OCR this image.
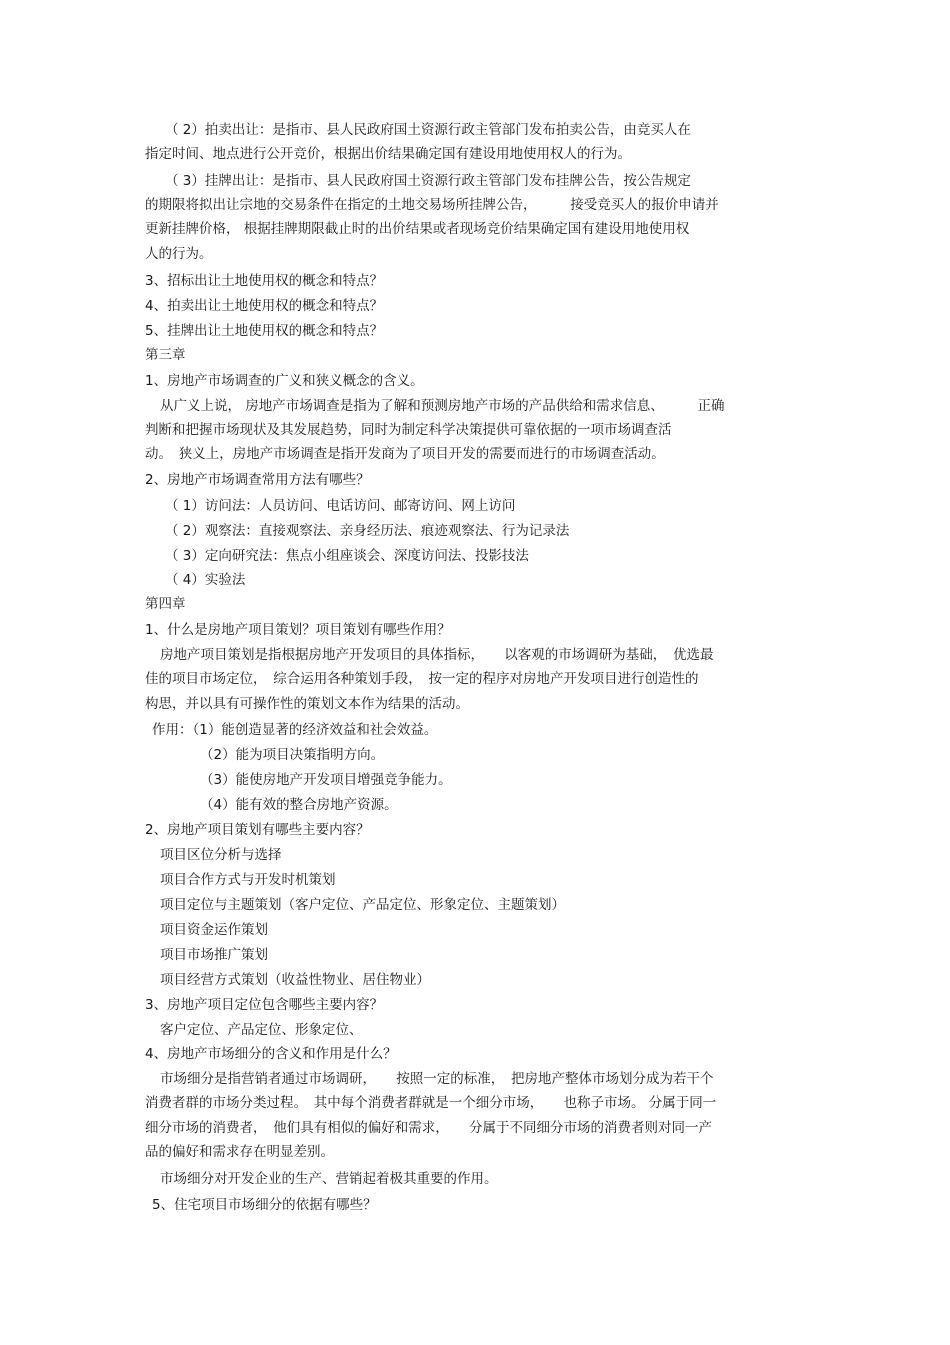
（ 2）拍卖出让：是指市、县人民政府国土资源行政主管部门发布拍卖公告，由竞买人在
指定时间、地点进行公开竞价，根据出价结果确定国有建设用地使用权人的行为。
（ 3）挂牌出让：是指市、县人民政府国土资源行政主管部门发布挂牌公告，按公告规定
的期限将拟出让宗地的交易条件在指定的土地交易场所挂牌公告，　　　接受竞买人的报价申请并
更新挂牌价格， 根据挂牌期限截止时的出价结果或者现场竞价结果确定国有建设用地使用权
人的行为。
3、招标出让土地使用权的概念和特点？
4、拍卖出让土地使用权的概念和特点？
5、挂牌出让土地使用权的概念和特点？
第三章
1、房地产市场调查的广义和狭义概念的含义。
从广义上说， 房地产市场调查是指为了解和预测房地产市场的产品供给和需求信息、　　　正确
判断和把握市场现状及其发展趋势，同时为制定科学决策提供可靠依据的一项市场调查活
动。　狭义上，房地产市场调查是指开发商为了项目开发的需要而进行的市场调查活动。
2、房地产市场调查常用方法有哪些？
（ 1）访问法：人员访问、电话访问、邮寄访问、网上访问
（ 2）观察法：直接观察法、亲身经历法、痕迹观察法、行为记录法
（ 3）定向研究法：焦点小组座谈会、深度访问法、投影技法
（ 4）实验法
第四章
1、什么是房地产项目策划？项目策划有哪些作用？
房地产项目策划是指根据房地产开发项目的具体指标，　　以客观的市场调研为基础，　优选最
佳的项目市场定位，　综合运用各种策划手段，　按一定的程序对房地产开发项目进行创造性的
构思，并以具有可操作性的策划文本作为结果的活动。
作用：（1）能创造显著的经济效益和社会效益。
（2）能为项目决策指明方向。
（3）能使房地产开发项目增强竞争能力。
（4）能有效的整合房地产资源。
2、房地产项目策划有哪些主要内容？
项目区位分析与选择
项目合作方式与开发时机策划
项目定位与主题策划（客户定位、产品定位、形象定位、主题策划）
项目资金运作策划
项目市场推广策划
项目经营方式策划（收益性物业、居住物业）
3、房地产项目定位包含哪些主要内容？
客户定位、产品定位、形象定位、
4、房地产市场细分的含义和作用是什么？
市场细分是指营销者通过市场调研，　　按照一定的标准，　把房地产整体市场划分成为若干个
消费者群的市场分类过程。　其中每个消费者群就是一个细分市场，　　也称子市场。 分属于同一
细分市场的消费者，　他们具有相似的偏好和需求，　　分属于不同细分市场的消费者则对同一产
品的偏好和需求存在明显差别。
市场细分对开发企业的生产、营销起着极其重要的作用。
5、住宅项目市场细分的依据有哪些？
